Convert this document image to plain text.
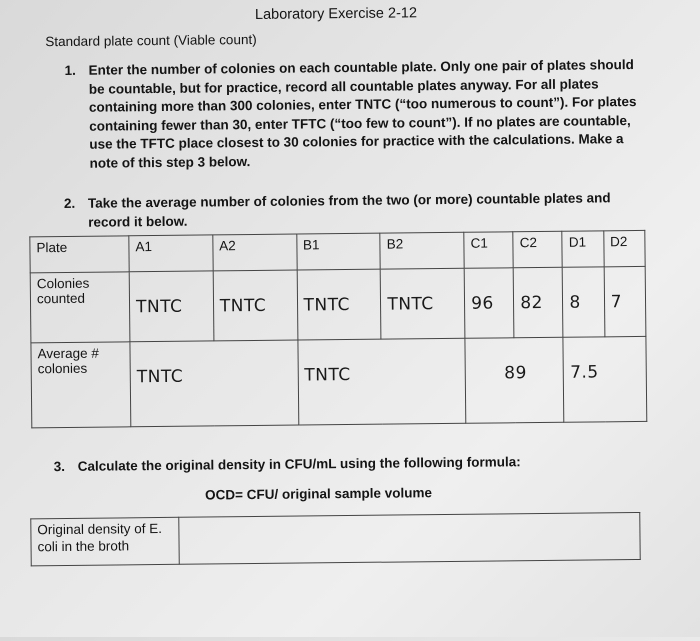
Laboratory Exercise 2-12
Standard plate count (Viable count)
1. Enter the number of colonies on each countable plate. Only one pair of plates should be countable, but for practice, record all countable plates anyway. For all plates containing more than 300 colonies, enter TNTC (“too numerous to count”). For plates containing fewer than 30, enter TFTC (“too few to count”). If no plates are countable, use the TFTC place closest to 30 colonies for practice with the calculations. Make a note of this step 3 below.
2. Take the average number of colonies from the two (or more) countable plates and record it below.
Plate	A1	A2	B1	B2	C1	C2	D1	D2
Colonies counted	TNTC	TNTC	TNTC	TNTC	96	82	8	7

Average # colonies	TNTC		TNTC		89		7.5	
3. Calculate the original density in CFU/mL using the following formula:
OCD= CFU/ original sample volume
Original density of E. coli in the broth	
